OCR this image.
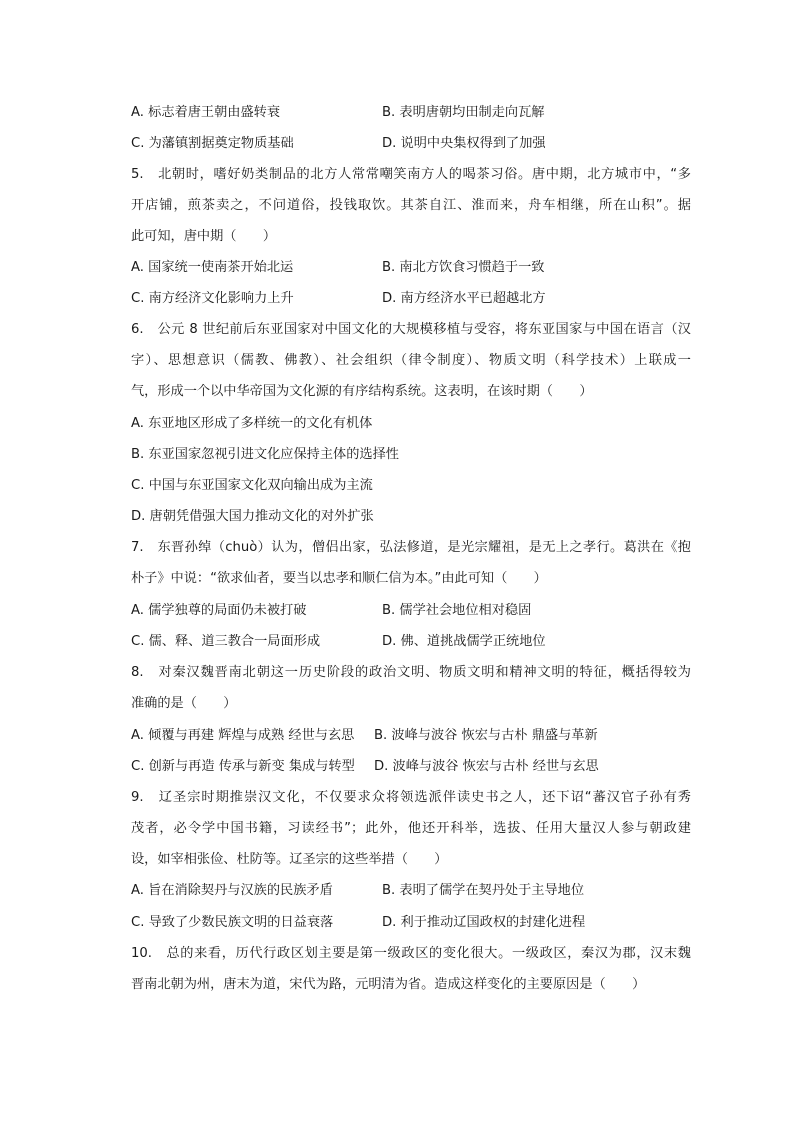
A. 标志着唐王朝由盛转衰	B. 表明唐朝均田制走向瓦解
C. 为藩镇割据奠定物质基础	D. 说明中央集权得到了加强
5.　北朝时，嗜好奶类制品的北方人常常嘲笑南方人的喝茶习俗。唐中期，北方城市中，“多
开店铺，煎茶卖之，不问道俗，投钱取饮。其茶自江、淮而来，舟车相继，所在山积”。据
此可知，唐中期（　　）
A. 国家统一使南茶开始北运	B. 南北方饮食习惯趋于一致
C. 南方经济文化影响力上升	D. 南方经济水平已超越北方
6.　公元 8 世纪前后东亚国家对中国文化的大规模移植与受容，将东亚国家与中国在语言（汉
字）、思想意识（儒教、佛教）、社会组织（律令制度）、物质文明（科学技术）上联成一
气，形成一个以中华帝国为文化源的有序结构系统。这表明，在该时期（　　）
A. 东亚地区形成了多样统一的文化有机体
B. 东亚国家忽视引进文化应保持主体的选择性
C. 中国与东亚国家文化双向输出成为主流
D. 唐朝凭借强大国力推动文化的对外扩张
7.　东晋孙绰（chuò）认为，僧侣出家，弘法修道，是光宗耀祖，是无上之孝行。葛洪在《抱
朴子》中说：“欲求仙者，要当以忠孝和顺仁信为本。”由此可知（　　）
A. 儒学独尊的局面仍未被打破	B. 儒学社会地位相对稳固
C. 儒、释、道三教合一局面形成	D. 佛、道挑战儒学正统地位
8.　对秦汉魏晋南北朝这一历史阶段的政治文明、物质文明和精神文明的特征，概括得较为
准确的是（　　）
A. 倾覆与再建 辉煌与成熟 经世与玄思 B. 波峰与波谷 恢宏与古朴 鼎盛与革新
C. 创新与再造 传承与新变 集成与转型 D. 波峰与波谷 恢宏与古朴 经世与玄思
9.　辽圣宗时期推崇汉文化，不仅要求众将领选派伴读史书之人，还下诏“蕃汉官子孙有秀
茂者，必令学中国书籍，习读经书”；此外，他还开科举，选拔、任用大量汉人参与朝政建
设，如宰相张俭、杜防等。辽圣宗的这些举措（　　）
A. 旨在消除契丹与汉族的民族矛盾	B. 表明了儒学在契丹处于主导地位
C. 导致了少数民族文明的日益衰落	D. 利于推动辽国政权的封建化进程
10.　总的来看，历代行政区划主要是第一级政区的变化很大。一级政区，秦汉为郡，汉末魏
晋南北朝为州，唐末为道，宋代为路，元明清为省。造成这样变化的主要原因是（　　）
